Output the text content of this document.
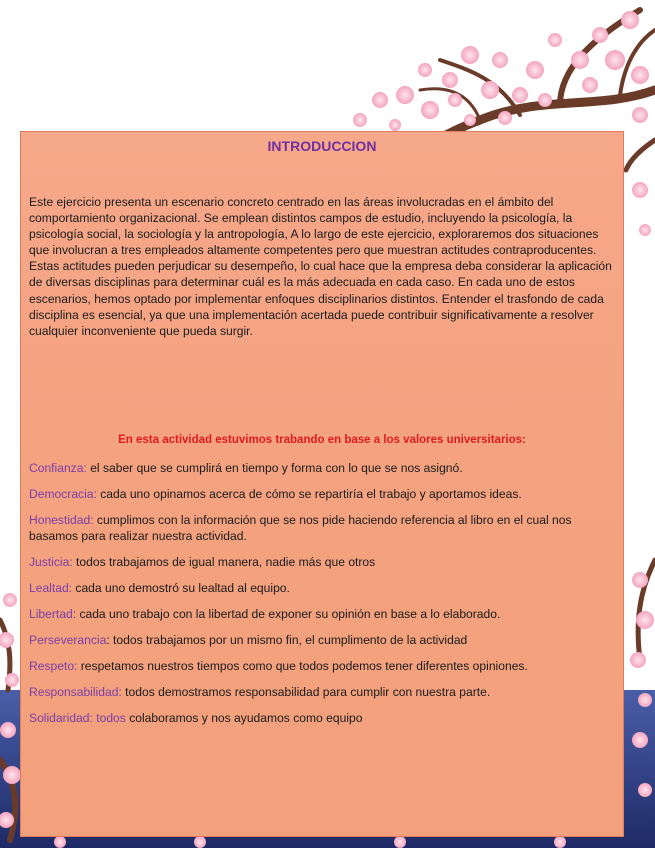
INTRODUCCION

Este ejercicio presenta un escenario concreto centrado en las áreas involucradas en el ámbito del comportamiento organizacional. Se emplean distintos campos de estudio, incluyendo la psicología, la psicología social, la sociología y la antropología, A lo largo de este ejercicio, exploraremos dos situaciones que involucran a tres empleados altamente competentes pero que muestran actitudes contraproducentes. Estas actitudes pueden perjudicar su desempeño, lo cual hace que la empresa deba considerar la aplicación de diversas disciplinas para determinar cuál es la más adecuada en cada caso. En cada uno de estos escenarios, hemos optado por implementar enfoques disciplinarios distintos. Entender el trasfondo de cada disciplina es esencial, ya que una implementación acertada puede contribuir significativamente a resolver cualquier inconveniente que pueda surgir.

En esta actividad estuvimos trabando en base a los valores universitarios:
Confianza: el saber que se cumplirá en tiempo y forma con lo que se nos asignó.
Democracia: cada uno opinamos acerca de cómo se repartiría el trabajo y aportamos ideas.
Honestidad: cumplimos con la información que se nos pide haciendo referencia al libro en el cual nos basamos para realizar nuestra actividad.
Justicia: todos trabajamos de igual manera, nadie más que otros
Lealtad: cada uno demostró su lealtad al equipo.
Libertad: cada uno trabajo con la libertad de exponer su opinión en base a lo elaborado.
Perseverancia: todos trabajamos por un mismo fin, el cumplimento de la actividad
Respeto: respetamos nuestros tiempos como que todos podemos tener diferentes opiniones.
Responsabilidad: todos demostramos responsabilidad para cumplir con nuestra parte.
Solidaridad: todos colaboramos y nos ayudamos como equipo
